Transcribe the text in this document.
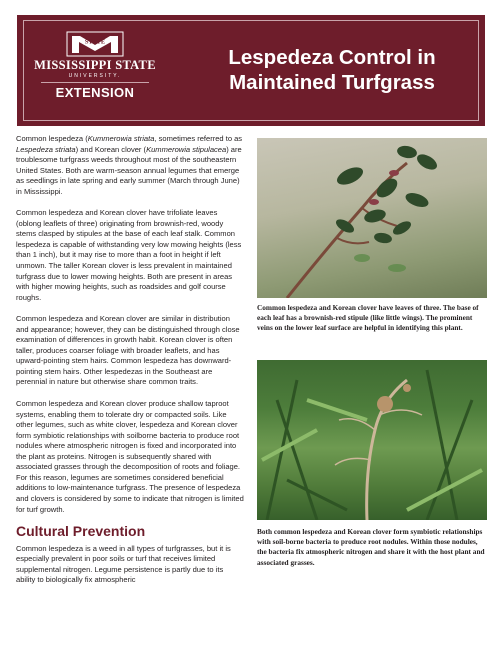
STATE
MISSISSIPPI STATE
UNIVERSITY.
EXTENSION
Lespedeza Control in
Maintained Turfgrass

Common lespedeza (Kummerowia striata, sometimes referred to as Lespedeza striata) and Korean clover (Kummerowia stipulacea) are troublesome turfgrass weeds throughout most of the southeastern United States. Both are warm-season annual legumes that emerge as seedlings in late spring and early summer (March through June) in Mississippi.

Common lespedeza and Korean clover have trifoliate leaves (oblong leaflets of three) originating from brownish-red, woody stems clasped by stipules at the base of each leaf stalk. Common lespedeza is capable of withstanding very low mowing heights (less than 1 inch), but it may rise to more than a foot in height if left unmown. The taller Korean clover is less prevalent in maintained turfgrass due to lower mowing heights. Both are present in areas with higher mowing heights, such as roadsides and golf course roughs.

Common lespedeza and Korean clover are similar in distribution and appearance; however, they can be distinguished through close examination of differences in growth habit. Korean clover is often taller, produces coarser foliage with broader leaflets, and has upward-pointing stem hairs. Common lespedeza has downward-pointing stem hairs. Other lespedezas in the Southeast are perennial in nature but otherwise share common traits.

Common lespedeza and Korean clover produce shallow taproot systems, enabling them to tolerate dry or compacted soils. Like other legumes, such as white clover, lespedeza and Korean clover form symbiotic relationships with soilborne bacteria to produce root nodules where atmospheric nitrogen is fixed and incorporated into the plant as proteins. Nitrogen is subsequently shared with associated grasses through the decomposition of roots and foliage. For this reason, legumes are sometimes considered beneficial additions to low-maintenance turfgrass. The presence of lespedeza and clovers is considered by some to indicate that nitrogen is limited for turf growth.

Cultural Prevention

Common lespedeza is a weed in all types of turfgrasses, but it is especially prevalent in poor soils or turf that receives limited supplemental nitrogen. Legume persistence is partly due to its ability to biologically fix atmospheric

Common lespedeza and Korean clover have leaves of three. The base of each leaf has a brownish-red stipule (like little wings). The prominent veins on the lower leaf surface are helpful in identifying this plant.
Both common lespedeza and Korean clover form symbiotic relationships with soil-borne bacteria to produce root nodules. Within those nodules, the bacteria fix atmospheric nitrogen and share it with the host plant and associated grasses.
